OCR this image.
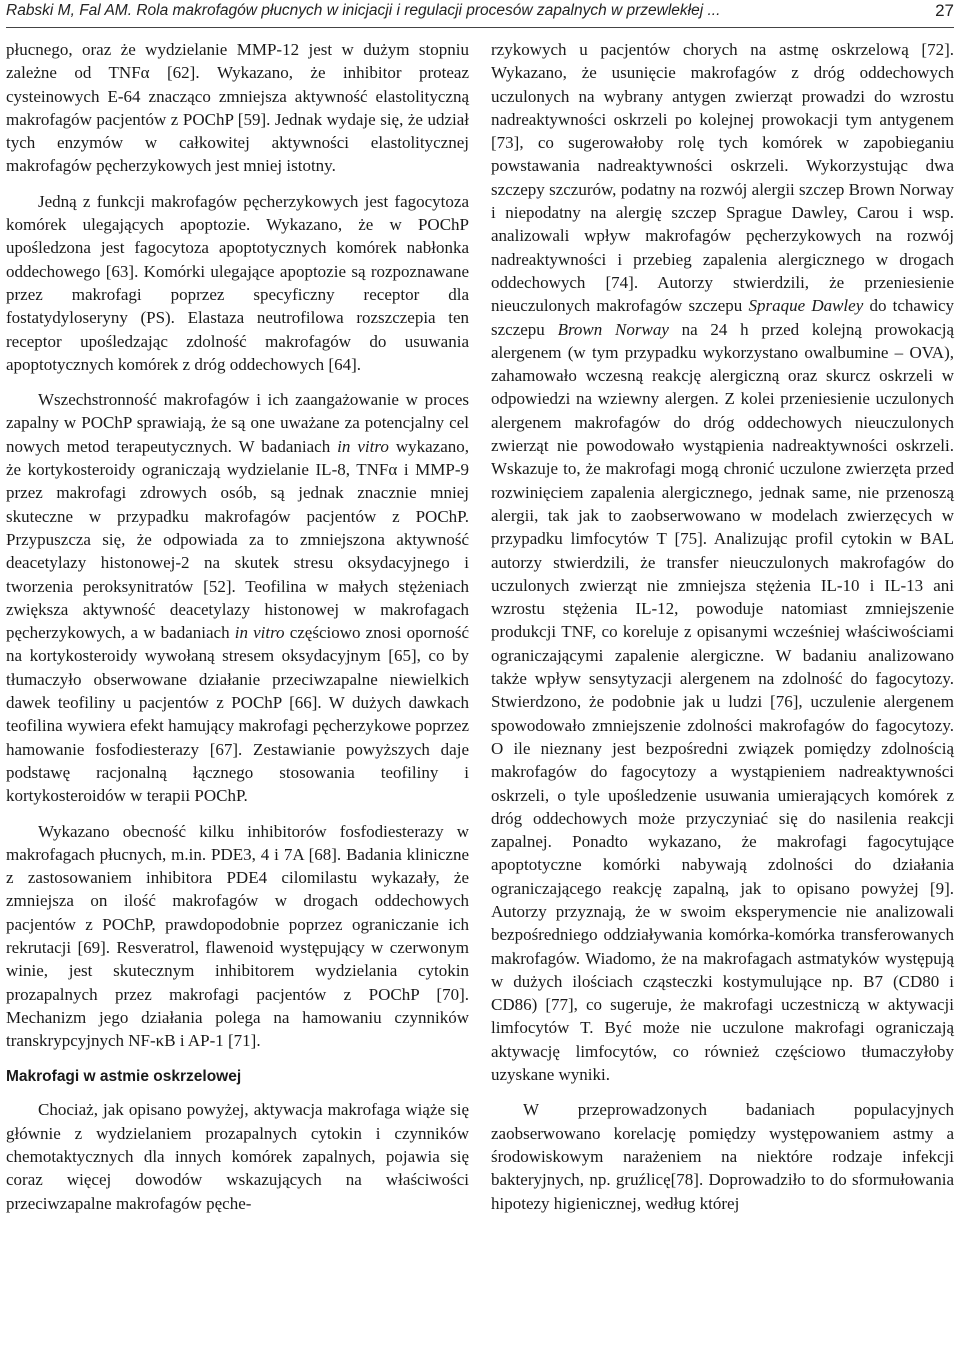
Rabski M, Fal AM. Rola makrofagów płucnych w inicjacji i regulacji procesów zapalnych w przewlekłej ...	27

płucnego, oraz że wydzielanie MMP-12 jest w dużym stopniu zależne od TNFα [62]. Wykazano, że inhibitor proteaz cysteinowych E-64 znacząco zmniejsza aktywność elastolityczną makrofagów pacjentów z POChP [59]. Jednak wydaje się, że udział tych enzymów w całkowitej aktywności elastolitycznej makrofagów pęcherzykowych jest mniej istotny.

Jedną z funkcji makrofagów pęcherzykowych jest fagocytoza komórek ulegających apoptozie. Wykazano, że w POChP upośledzona jest fagocytoza apoptotycznych komórek nabłonka oddechowego [63]. Komórki ulegające apoptozie są rozpoznawane przez makrofagi poprzez specyficzny receptor dla fostatydyloseryny (PS). Elastaza neutrofilowa rozszczepia ten receptor upośledzając zdolność makrofagów do usuwania apoptotycznych komórek z dróg oddechowych [64].

Wszechstronność makrofagów i ich zaangażowanie w proces zapalny w POChP sprawiają, że są one uważane za potencjalny cel nowych metod terapeutycznych. W badaniach in vitro wykazano, że kortykosteroidy ograniczają wydzielanie IL-8, TNFα i MMP-9 przez makrofagi zdrowych osób, są jednak znacznie mniej skuteczne w przypadku makrofagów pacjentów z POChP. Przypuszcza się, że odpowiada za to zmniejszona aktywność deacetylazy histonowej-2 na skutek stresu oksydacyjnego i tworzenia peroksynitratów [52]. Teofilina w małych stężeniach zwiększa aktywność deacetylazy histonowej w makrofagach pęcherzykowych, a w badaniach in vitro częściowo znosi oporność na kortykosteroidy wywołaną stresem oksydacyjnym [65], co by tłumaczyło obserwowane działanie przeciwzapalne niewielkich dawek teofiliny u pacjentów z POChP [66]. W dużych dawkach teofilina wywiera efekt hamujący makrofagi pęcherzykowe poprzez hamowanie fosfodiesterazy [67]. Zestawianie powyższych daje podstawę racjonalną łącznego stosowania teofiliny i kortykosteroidów w terapii POChP.

Wykazano obecność kilku inhibitorów fosfodiesterazy w makrofagach płucnych, m.in. PDE3, 4 i 7A [68]. Badania kliniczne z zastosowaniem inhibitora PDE4 cilomilastu wykazały, że zmniejsza on ilość makrofagów w drogach oddechowych pacjentów z POChP, prawdopodobnie poprzez ograniczanie ich rekrutacji [69]. Resveratrol, flawenoid występujący w czerwonym winie, jest skutecznym inhibitorem wydzielania cytokin prozapalnych przez makrofagi pacjentów z POChP [70]. Mechanizm jego działania polega na hamowaniu czynników transkrypcyjnych NF-κB i AP-1 [71].

Makrofagi w astmie oskrzelowej

Chociaż, jak opisano powyżej, aktywacja makrofaga wiąże się głównie z wydzielaniem prozapalnych cytokin i czynników chemotaktycznych dla innych komórek zapalnych, pojawia się coraz więcej dowodów wskazujących na właściwości przeciwzapalne makrofagów pęche-

rzykowych u pacjentów chorych na astmę oskrzelową [72]. Wykazano, że usunięcie makrofagów z dróg oddechowych uczulonych na wybrany antygen zwierząt prowadzi do wzrostu nadreaktywności oskrzeli po kolejnej prowokacji tym antygenem [73], co sugerowałoby rolę tych komórek w zapobieganiu powstawania nadreaktywności oskrzeli. Wykorzystując dwa szczepy szczurów, podatny na rozwój alergii szczep Brown Norway i niepodatny na alergię szczep Sprague Dawley, Carou i wsp. analizowali wpływ makrofagów pęcherzykowych na rozwój nadreaktywności i przebieg zapalenia alergicznego w drogach oddechowych [74]. Autorzy stwierdzili, że przeniesienie nieuczulonych makrofagów szczepu Spraque Dawley do tchawicy szczepu Brown Norway na 24 h przed kolejną prowokacją alergenem (w tym przypadku wykorzystano owalbumine – OVA), zahamowało wczesną reakcję alergiczną oraz skurcz oskrzeli w odpowiedzi na wziewny alergen. Z kolei przeniesienie uczulonych alergenem makrofagów do dróg oddechowych nieuczulonych zwierząt nie powodowało wystąpienia nadreaktywności oskrzeli. Wskazuje to, że makrofagi mogą chronić uczulone zwierzęta przed rozwinięciem zapalenia alergicznego, jednak same, nie przenoszą alergii, tak jak to zaobserwowano w modelach zwierzęcych w przypadku limfocytów T [75]. Analizując profil cytokin w BAL autorzy stwierdzili, że transfer nieuczulonych makrofagów do uczulonych zwierząt nie zmniejsza stężenia IL-10 i IL-13 ani wzrostu stężenia IL-12, powoduje natomiast zmniejszenie produkcji TNF, co koreluje z opisanymi wcześniej właściwościami ograniczającymi zapalenie alergiczne. W badaniu analizowano także wpływ sensytyzacji alergenem na zdolność do fagocytozy. Stwierdzono, że podobnie jak u ludzi [76], uczulenie alergenem spowodowało zmniejszenie zdolności makrofagów do fagocytozy. O ile nieznany jest bezpośredni związek pomiędzy zdolnością makrofagów do fagocytozy a wystąpieniem nadreaktywności oskrzeli, o tyle upośledzenie usuwania umierających komórek z dróg oddechowych może przyczyniać się do nasilenia reakcji zapalnej. Ponadto wykazano, że makrofagi fagocytujące apoptotyczne komórki nabywają zdolności do działania ograniczającego reakcję zapalną, jak to opisano powyżej [9]. Autorzy przyznają, że w swoim eksperymencie nie analizowali bezpośredniego oddziaływania komórka-komórka transferowanych makrofagów. Wiadomo, że na makrofagach astmatyków występują w dużych ilościach cząsteczki kostymulujące np. B7 (CD80 i CD86) [77], co sugeruje, że makrofagi uczestniczą w aktywacji limfocytów T. Być może nie uczulone makrofagi ograniczają aktywację limfocytów, co również częściowo tłumaczyłoby uzyskane wyniki.

W przeprowadzonych badaniach populacyjnych zaobserwowano korelację pomiędzy występowaniem astmy a środowiskowym narażeniem na niektóre rodzaje infekcji bakteryjnych, np. gruźlicę[78]. Doprowadziło to do sformułowania hipotezy higienicznej, według której
